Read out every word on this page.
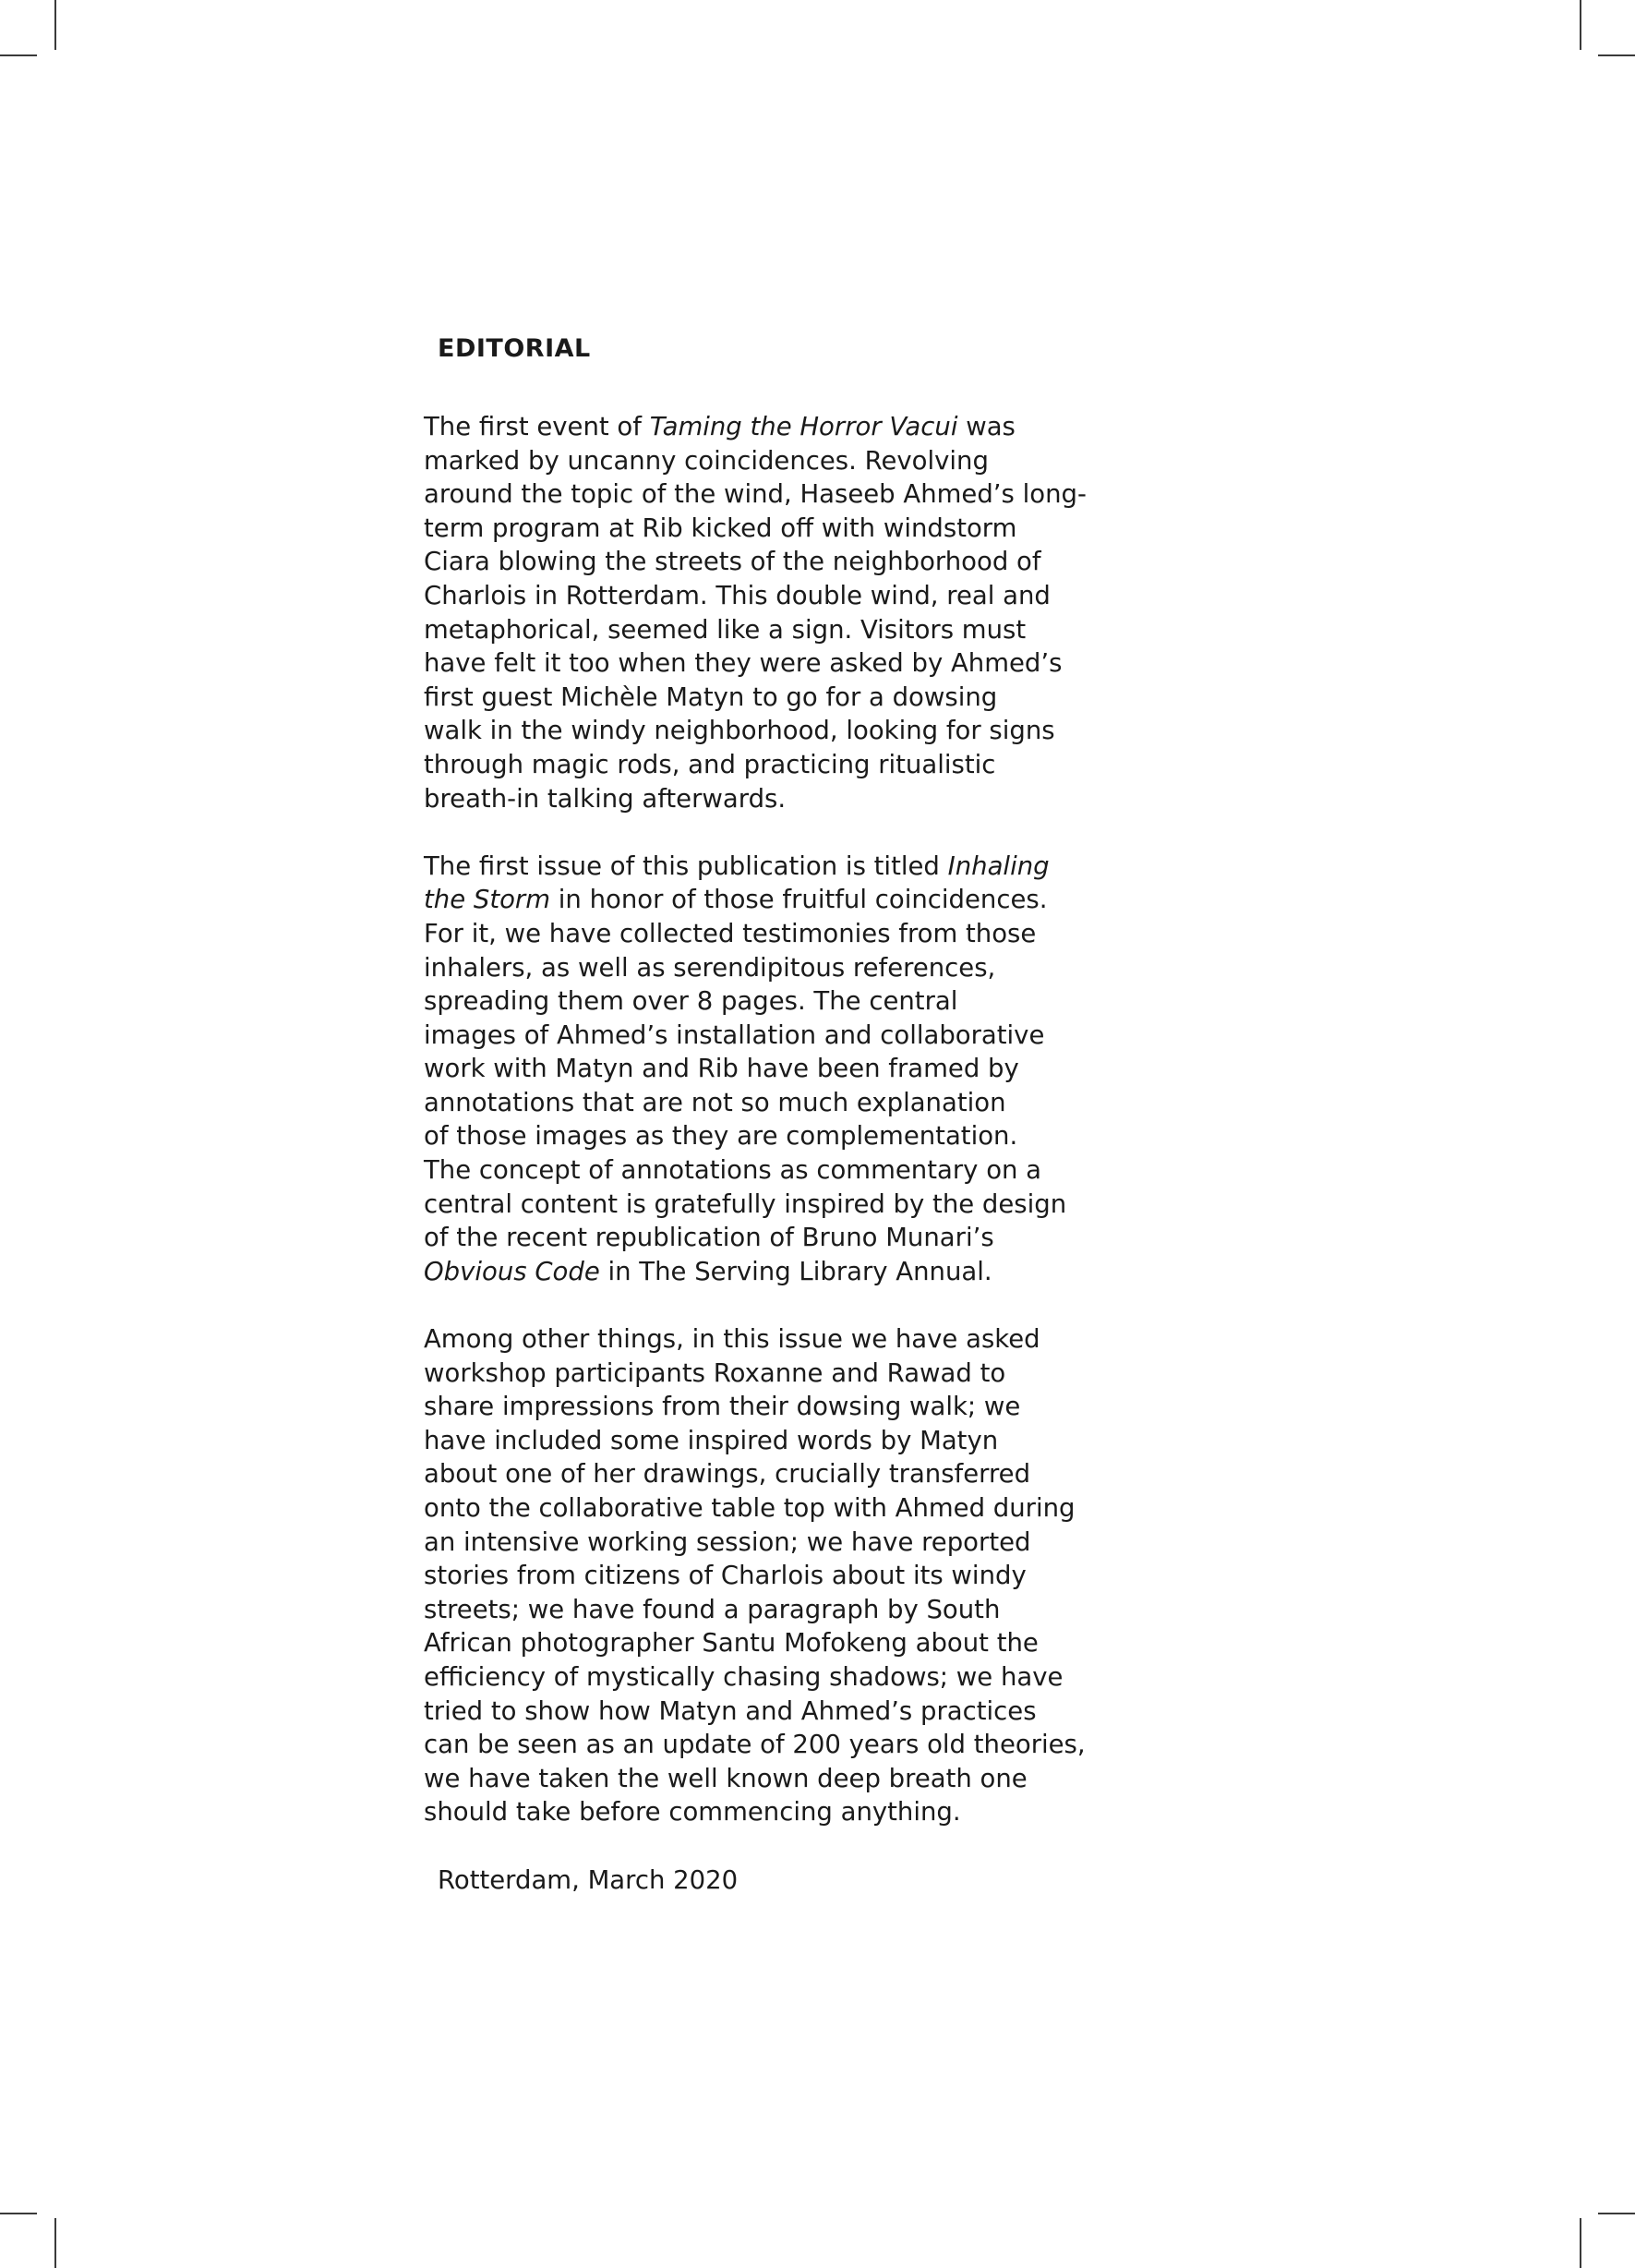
EDITORIAL

The first event of Taming the Horror Vacui was
marked by uncanny coincidences. Revolving
around the topic of the wind, Haseeb Ahmed’s long-
term program at Rib kicked off with windstorm
Ciara blowing the streets of the neighborhood of
Charlois in Rotterdam. This double wind, real and
metaphorical, seemed like a sign. Visitors must
have felt it too when they were asked by Ahmed’s
first guest Michèle Matyn to go for a dowsing
walk in the windy neighborhood, looking for signs
through magic rods, and practicing ritualistic
breath-in talking afterwards.

The first issue of this publication is titled Inhaling
the Storm in honor of those fruitful coincidences.
For it, we have collected testimonies from those
inhalers, as well as serendipitous references,
spreading them over 8 pages. The central
images of Ahmed’s installation and collaborative
work with Matyn and Rib have been framed by
annotations that are not so much explanation
of those images as they are complementation.
The concept of annotations as commentary on a
central content is gratefully inspired by the design
of the recent republication of Bruno Munari’s
Obvious Code in The Serving Library Annual.

Among other things, in this issue we have asked
workshop participants Roxanne and Rawad to
share impressions from their dowsing walk; we
have included some inspired words by Matyn
about one of her drawings, crucially transferred
onto the collaborative table top with Ahmed during
an intensive working session; we have reported
stories from citizens of Charlois about its windy
streets; we have found a paragraph by South
African photographer Santu Mofokeng about the
efficiency of mystically chasing shadows; we have
tried to show how Matyn and Ahmed’s practices
can be seen as an update of 200 years old theories,
we have taken the well known deep breath one
should take before commencing anything.

Rotterdam, March 2020
